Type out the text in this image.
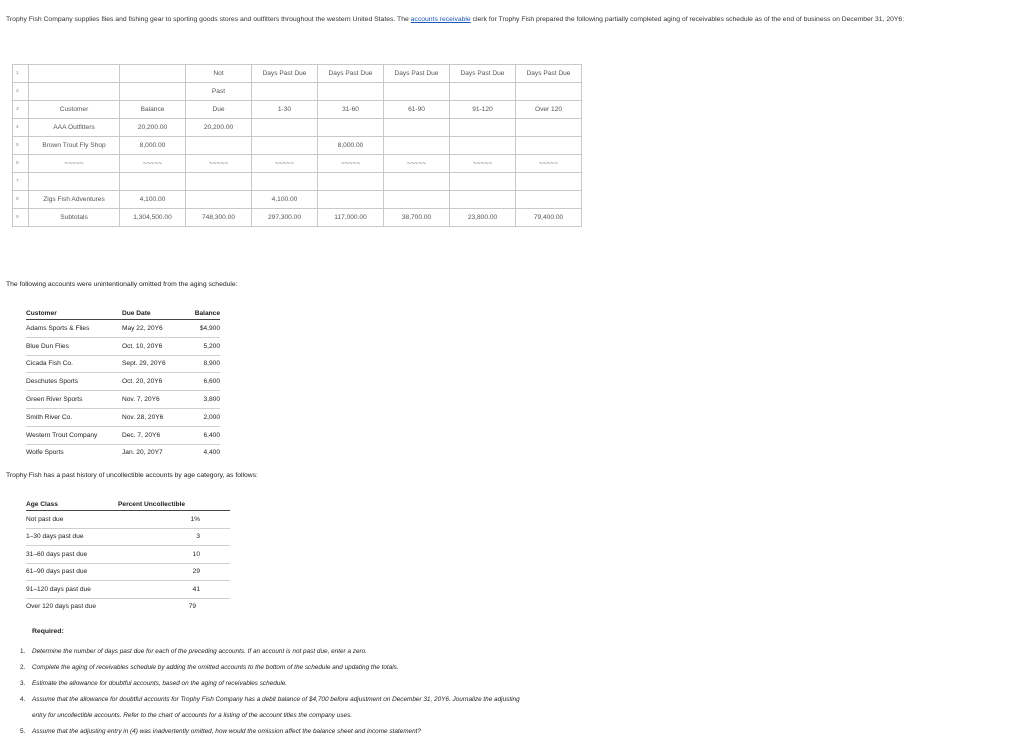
Trophy Fish Company supplies flies and fishing gear to sporting goods stores and outfitters throughout the western United States. The accounts receivable clerk for Trophy Fish prepared the following partially completed aging of receivables schedule as of the end of business on December 31, 20Y6:
1			Not	Days Past Due	Days Past Due	Days Past Due	Days Past Due	Days Past Due
2			Past					
3	Customer	Balance	Due	1-30	31-60	61-90	91-120	Over 120
4	AAA Outfitters	20,200.00	20,200.00					
5	Brown Trout Fly Shop	8,000.00			8,000.00			
6	~~~~~	~~~~~	~~~~~	~~~~~	~~~~~	~~~~~	~~~~~	~~~~~
7								
8	Zigs Fish Adventures	4,100.00		4,100.00				
9	Subtotals	1,304,500.00	748,300.00	297,300.00	117,000.00	38,700.00	23,800.00	79,400.00
The following accounts were unintentionally omitted from the aging schedule:
Customer	Due Date	Balance
Adams Sports & Flies	May 22, 20Y6	$4,900
Blue Dun Flies	Oct. 10, 20Y6	5,200
Cicada Fish Co.	Sept. 29, 20Y6	8,900
Deschutes Sports	Oct. 20, 20Y6	6,600
Green River Sports	Nov. 7, 20Y6	3,800
Smith River Co.	Nov. 28, 20Y6	2,000
Western Trout Company	Dec. 7, 20Y6	6,400
Wolfe Sports	Jan. 20, 20Y7	4,400
Trophy Fish has a past history of uncollectible accounts by age category, as follows:
Age Class	Percent Uncollectible
Not past due	1%
1–30 days past due	3
31–60 days past due	10
61–90 days past due	29
91–120 days past due	41
Over 120 days past due	79
Required:
1. Determine the number of days past due for each of the preceding accounts. If an account is not past due, enter a zero.
2. Complete the aging of receivables schedule by adding the omitted accounts to the bottom of the schedule and updating the totals.
3. Estimate the allowance for doubtful accounts, based on the aging of receivables schedule.
4. Assume that the allowance for doubtful accounts for Trophy Fish Company has a debit balance of $4,700 before adjustment on December 31, 20Y6. Journalize the adjusting entry for uncollectible accounts. Refer to the chart of accounts for a listing of the account titles the company uses.
5. Assume that the adjusting entry in (4) was inadvertently omitted, how would the omission affect the balance sheet and income statement?
